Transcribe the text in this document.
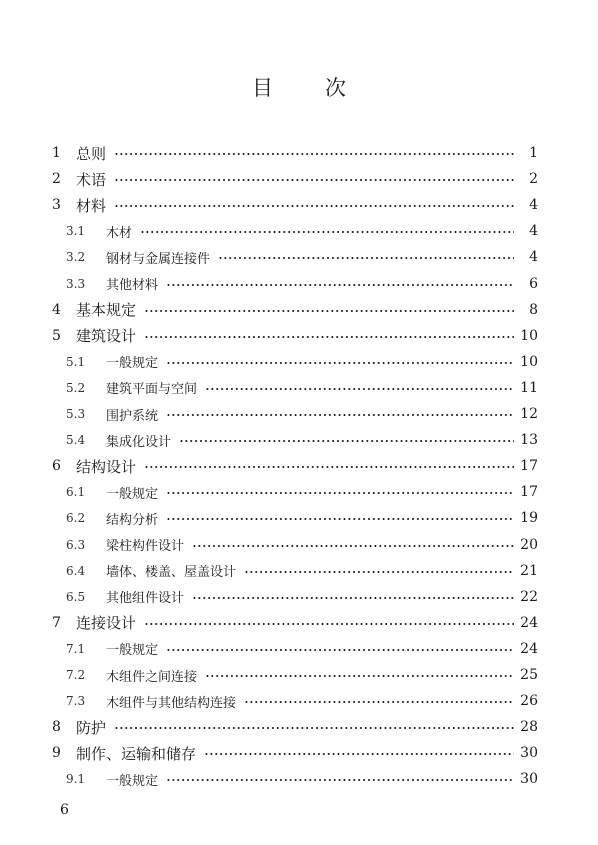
目 次
1	总则	1
2	术语	2
3	材料	4
3.1	木材	4
3.2	钢材与金属连接件	4
3.3	其他材料	6
4	基本规定	8
5	建筑设计	10
5.1	一般规定	10
5.2	建筑平面与空间	11
5.3	围护系统	12
5.4	集成化设计	13
6	结构设计	17
6.1	一般规定	17
6.2	结构分析	19
6.3	梁柱构件设计	20
6.4	墙体、楼盖、屋盖设计	21
6.5	其他组件设计	22
7	连接设计	24
7.1	一般规定	24
7.2	木组件之间连接	25
7.3	木组件与其他结构连接	26
8	防护	28
9	制作、运输和储存	30
9.1	一般规定	30
6
